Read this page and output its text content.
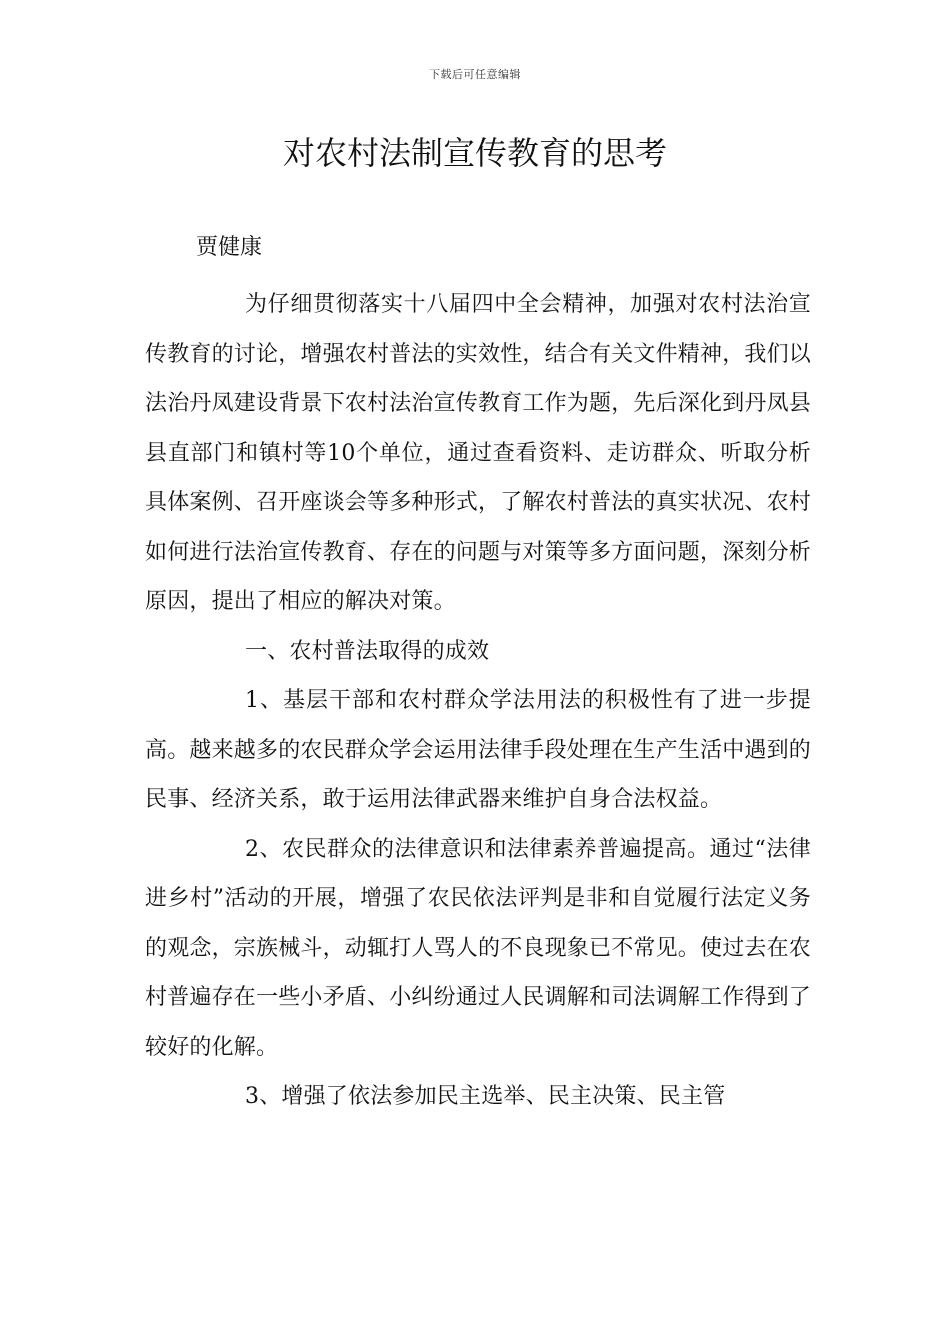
下载后可任意编辑
对农村法制宣传教育的思考
贾健康

为仔细贯彻落实十八届四中全会精神，加强对农村法治宣传教育的讨论，增强农村普法的实效性，结合有关文件精神，我们以法治丹凤建设背景下农村法治宣传教育工作为题，先后深化到丹凤县县直部门和镇村等10个单位，通过查看资料、走访群众、听取分析具体案例、召开座谈会等多种形式，了解农村普法的真实状况、农村如何进行法治宣传教育、存在的问题与对策等多方面问题，深刻分析原因，提出了相应的解决对策。

一、农村普法取得的成效

1、基层干部和农村群众学法用法的积极性有了进一步提高。越来越多的农民群众学会运用法律手段处理在生产生活中遇到的民事、经济关系，敢于运用法律武器来维护自身合法权益。

2、农民群众的法律意识和法律素养普遍提高。通过“法律进乡村”活动的开展，增强了农民依法评判是非和自觉履行法定义务的观念，宗族械斗，动辄打人骂人的不良现象已不常见。使过去在农村普遍存在一些小矛盾、小纠纷通过人民调解和司法调解工作得到了较好的化解。

3、增强了依法参加民主选举、民主决策、民主管
